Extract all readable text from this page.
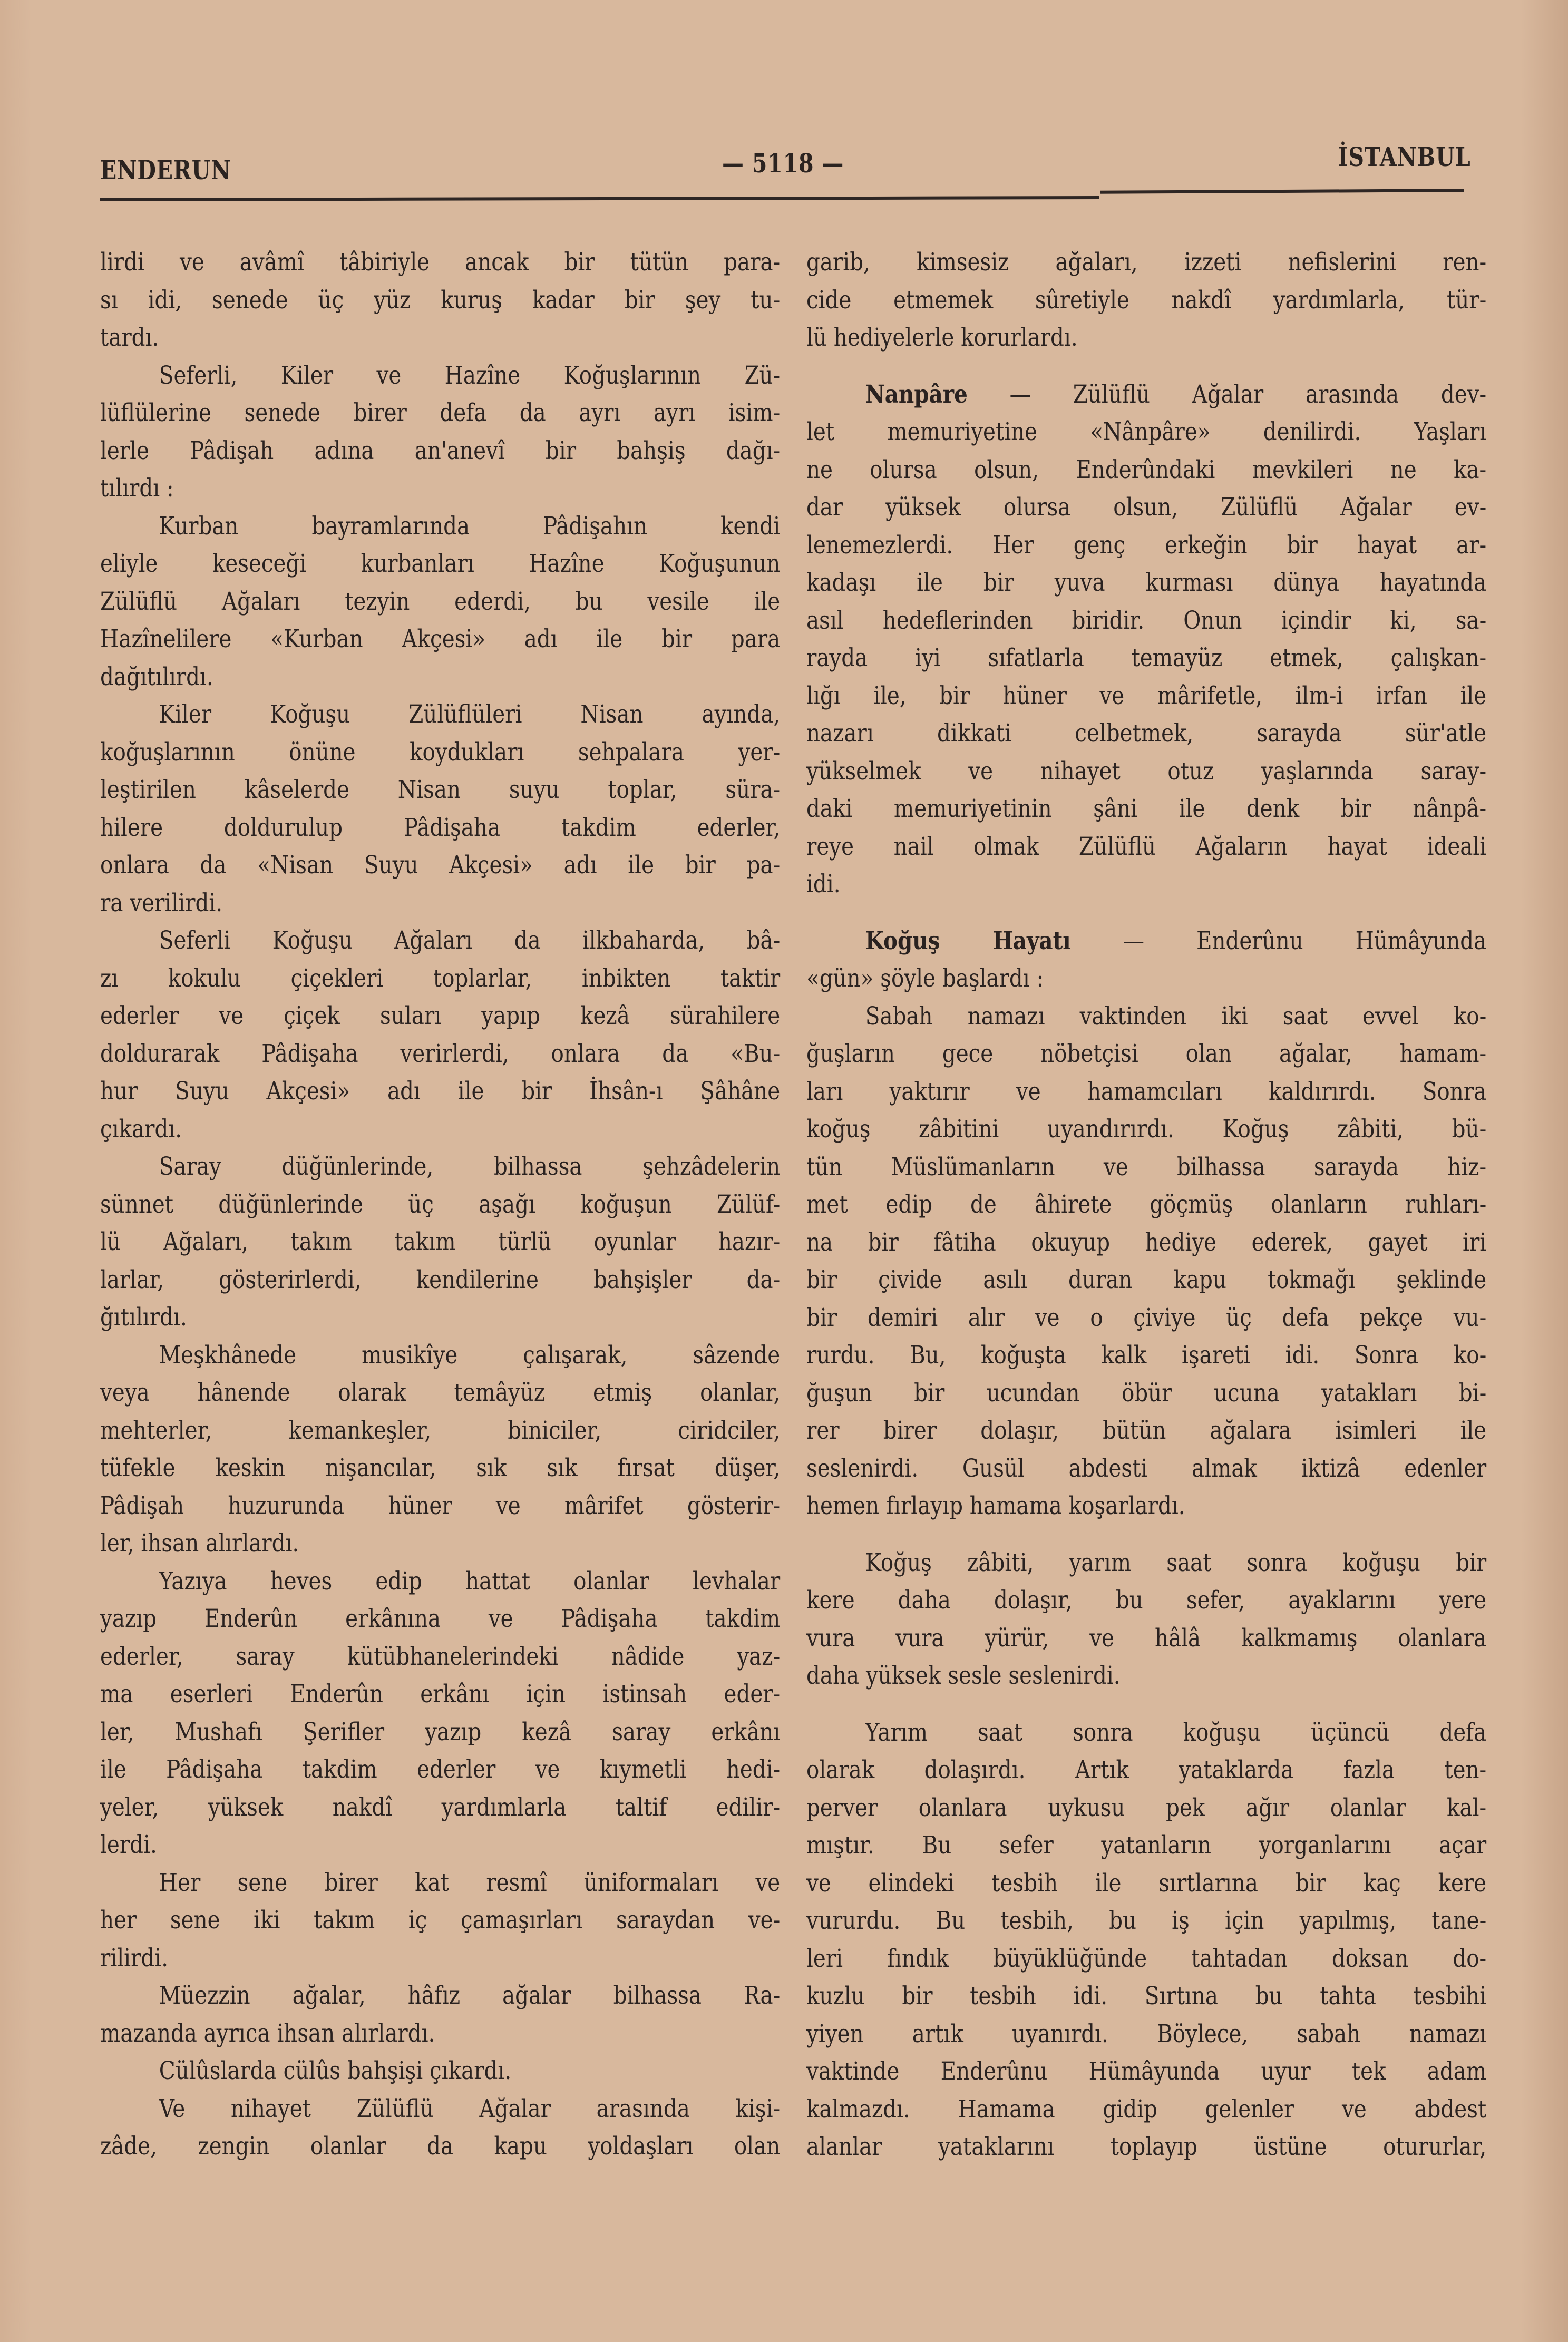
ENDERUN	— 5118 —	İSTANBUL
lirdi ve avâmî tâbiriyle ancak bir tütün para-
sı idi, senede üç yüz kuruş kadar bir şey tu-
tardı.
Seferli, Kiler ve Hazîne Koğuşlarının Zü-
lüflülerine senede birer defa da ayrı ayrı isim-
lerle Pâdişah adına an'anevî bir bahşiş dağı-
tılırdı :
Kurban bayramlarında Pâdişahın kendi
eliyle keseceği kurbanları Hazîne Koğuşunun
Zülüflü Ağaları tezyin ederdi, bu vesile ile
Hazînelilere «Kurban Akçesi» adı ile bir para
dağıtılırdı.
Kiler Koğuşu Zülüflüleri Nisan ayında,
koğuşlarının önüne koydukları sehpalara yer-
leştirilen kâselerde Nisan suyu toplar, süra-
hilere doldurulup Pâdişaha takdim ederler,
onlara da «Nisan Suyu Akçesi» adı ile bir pa-
ra verilirdi.
Seferli Koğuşu Ağaları da ilkbaharda, bâ-
zı kokulu çiçekleri toplarlar, inbikten taktir
ederler ve çiçek suları yapıp kezâ sürahilere
doldurarak Pâdişaha verirlerdi, onlara da «Bu-
hur Suyu Akçesi» adı ile bir İhsân-ı Şâhâne
çıkardı.
Saray düğünlerinde, bilhassa şehzâdelerin
sünnet düğünlerinde üç aşağı koğuşun Zülüf-
lü Ağaları, takım takım türlü oyunlar hazır-
larlar, gösterirlerdi, kendilerine bahşişler da-
ğıtılırdı.
Meşkhânede musikîye çalışarak, sâzende
veya hânende olarak temâyüz etmiş olanlar,
mehterler, kemankeşler, biniciler, ciridciler,
tüfekle keskin nişancılar, sık sık fırsat düşer,
Pâdişah huzurunda hüner ve mârifet gösterir-
ler, ihsan alırlardı.
Yazıya heves edip hattat olanlar levhalar
yazıp Enderûn erkânına ve Pâdişaha takdim
ederler, saray kütübhanelerindeki nâdide yaz-
ma eserleri Enderûn erkânı için istinsah eder-
ler, Mushafı Şerifler yazıp kezâ saray erkânı
ile Pâdişaha takdim ederler ve kıymetli hedi-
yeler, yüksek nakdî yardımlarla taltif edilir-
lerdi.
Her sene birer kat resmî üniformaları ve
her sene iki takım iç çamaşırları saraydan ve-
rilirdi.
Müezzin ağalar, hâfız ağalar bilhassa Ra-
mazanda ayrıca ihsan alırlardı.
Cülûslarda cülûs bahşişi çıkardı.
Ve nihayet Zülüflü Ağalar arasında kişi-
zâde, zengin olanlar da kapu yoldaşları olan
garib, kimsesiz ağaları, izzeti nefislerini ren-
cide etmemek sûretiyle nakdî yardımlarla, tür-
lü hediyelerle korurlardı.
Nanpâre — Zülüflü Ağalar arasında dev-
let memuriyetine «Nânpâre» denilirdi. Yaşları
ne olursa olsun, Enderûndaki mevkileri ne ka-
dar yüksek olursa olsun, Zülüflü Ağalar ev-
lenemezlerdi. Her genç erkeğin bir hayat ar-
kadaşı ile bir yuva kurması dünya hayatında
asıl hedeflerinden biridir. Onun içindir ki, sa-
rayda iyi sıfatlarla temayüz etmek, çalışkan-
lığı ile, bir hüner ve mârifetle, ilm-i irfan ile
nazarı dikkati celbetmek, sarayda sür'atle
yükselmek ve nihayet otuz yaşlarında saray-
daki memuriyetinin şâni ile denk bir nânpâ-
reye nail olmak Zülüflü Ağaların hayat ideali
idi.
Koğuş Hayatı — Enderûnu Hümâyunda
«gün» şöyle başlardı :
Sabah namazı vaktinden iki saat evvel ko-
ğuşların gece nöbetçisi olan ağalar, hamam-
ları yaktırır ve hamamcıları kaldırırdı. Sonra
koğuş zâbitini uyandırırdı. Koğuş zâbiti, bü-
tün Müslümanların ve bilhassa sarayda hiz-
met edip de âhirete göçmüş olanların ruhları-
na bir fâtiha okuyup hediye ederek, gayet iri
bir çivide asılı duran kapu tokmağı şeklinde
bir demiri alır ve o çiviye üç defa pekçe vu-
rurdu. Bu, koğuşta kalk işareti idi. Sonra ko-
ğuşun bir ucundan öbür ucuna yatakları bi-
rer birer dolaşır, bütün ağalara isimleri ile
seslenirdi. Gusül abdesti almak iktizâ edenler
hemen fırlayıp hamama koşarlardı.
Koğuş zâbiti, yarım saat sonra koğuşu bir
kere daha dolaşır, bu sefer, ayaklarını yere
vura vura yürür, ve hâlâ kalkmamış olanlara
daha yüksek sesle seslenirdi.
Yarım saat sonra koğuşu üçüncü defa
olarak dolaşırdı. Artık yataklarda fazla ten-
perver olanlara uykusu pek ağır olanlar kal-
mıştır. Bu sefer yatanların yorganlarını açar
ve elindeki tesbih ile sırtlarına bir kaç kere
vururdu. Bu tesbih, bu iş için yapılmış, tane-
leri fındık büyüklüğünde tahtadan doksan do-
kuzlu bir tesbih idi. Sırtına bu tahta tesbihi
yiyen artık uyanırdı. Böylece, sabah namazı
vaktinde Enderûnu Hümâyunda uyur tek adam
kalmazdı. Hamama gidip gelenler ve abdest
alanlar yataklarını toplayıp üstüne otururlar,
